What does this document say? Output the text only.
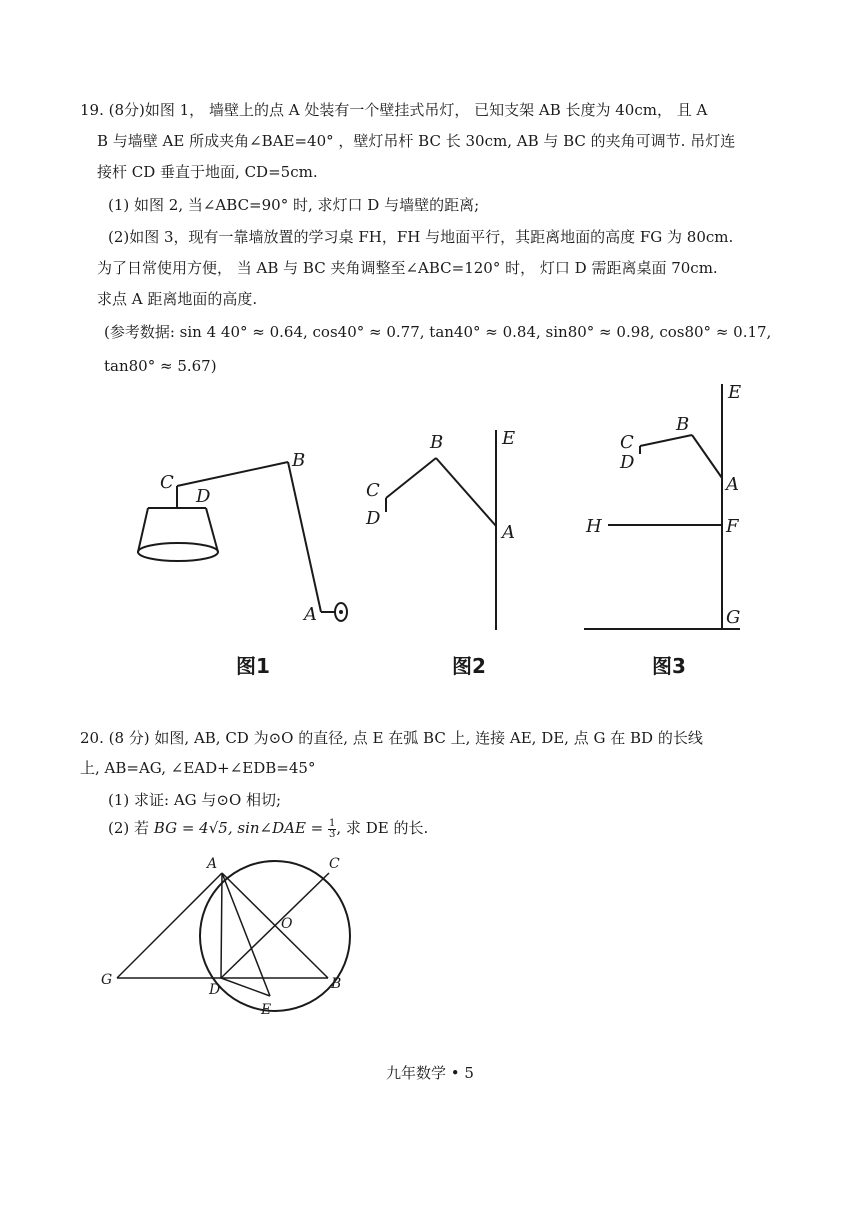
19. (8分)如图 1， 墙壁上的点 A 处装有一个壁挂式吊灯， 已知支架 AB 长度为 40cm， 且 A
B 与墙壁 AE 所成夹角∠BAE=40° ，壁灯吊杆 BC 长 30cm, AB 与 BC 的夹角可调节. 吊灯连
接杆 CD 垂直于地面, CD=5cm.
(1) 如图 2, 当∠ABC=90° 时, 求灯口 D 与墙壁的距离;
(2)如图 3，现有一靠墙放置的学习桌 FH，FH 与地面平行，其距离地面的高度 FG 为 80cm.
为了日常使用方便， 当 AB 与 BC 夹角调整至∠ABC=120° 时， 灯口 D 需距离桌面 70cm.
求点 A 距离地面的高度.
(参考数据: sin 4 40° ≈ 0.64, cos40° ≈ 0.77, tan40° ≈ 0.84, sin80° ≈ 0.98, cos80° ≈ 0.17,
tan80° ≈ 5.67)
C
D
B
A
图1
E
A
B
C
D
图2
E
B
C
D
A
H	F
G
图3
20. (8 分) 如图, AB, CD 为⊙O 的直径, 点 E 在弧 BC 上, 连接 AE, DE, 点 G 在 BD 的长线
上, AB=AG, ∠EAD+∠EDB=45°
(1) 求证: AG 与⊙O 相切;
(2) 若 BG = 4√5, sin∠DAE = $\frac{1}{3}$ , 求 DE 的长.
A	C
O
G
D	B
E
九年数学 • 5
